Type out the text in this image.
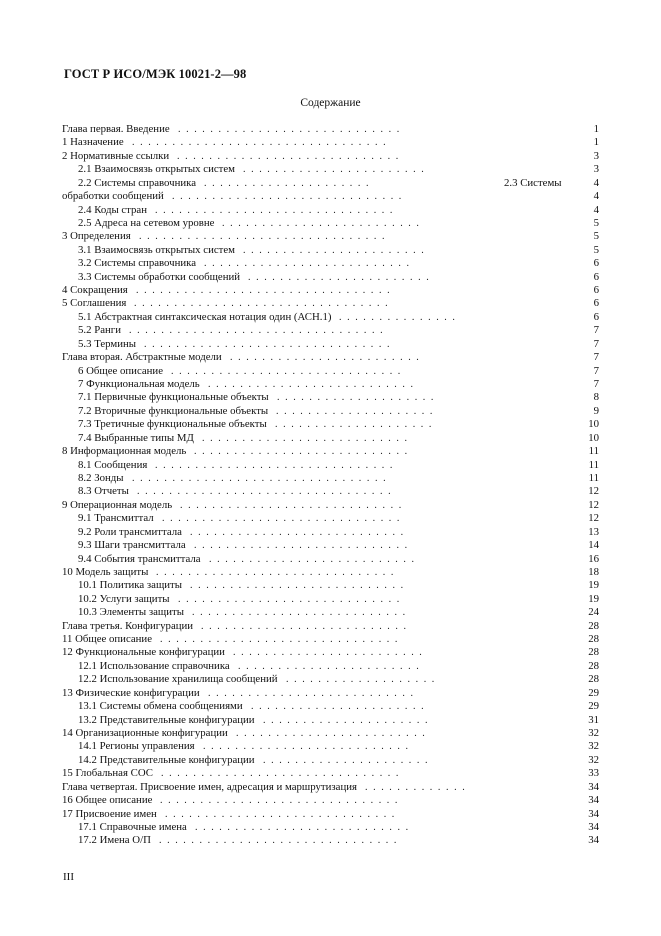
ГОСТ Р ИСО/МЭК 10021-2—98
Содержание
Глава первая. Введение ............................	1
1 Назначение ................................	1
2 Нормативные ссылки ............................	3
2.1 Взаимосвязь открытых систем .......................	3
2.2 Системы справочника .....................	2.3 Системы	4
обработки сообщений .............................	4
2.4 Коды стран ..............................	4
2.5 Адреса на сетевом уровне .........................	5
3 Определения ...............................	5
3.1 Взаимосвязь открытых систем .......................	5
3.2 Системы справочника ..........................	6
3.3 Системы обработки сообщений .......................	6
4 Сокращения ................................	6
5 Соглашения ................................	6
5.1 Абстрактная синтаксическая нотация один (АСН.1) ...............	6
5.2 Ранги ................................	7
5.3 Термины ...............................	7
Глава вторая. Абстрактные модели ........................	7
6 Общее описание .............................	7
7 Функциональная модель ..........................	7
7.1 Первичные функциональные объекты ....................	8
7.2 Вторичные функциональные объекты ....................	9
7.3 Третичные функциональные объекты ....................	10
7.4 Выбранные типы МД ..........................	10
8 Информационная модель ...........................	11
8.1 Сообщения ..............................	11
8.2 Зонды ................................	11
8.3 Отчеты ................................	12
9 Операционная модель ............................	12
9.1 Трансмиттал ..............................	12
9.2 Роли трансмиттала ...........................	13
9.3 Шаги трансмиттала ...........................	14
9.4 События трансмиттала ..........................	16
10 Модель защиты ..............................	18
10.1 Политика защиты ...........................	19
10.2 Услуги защиты ............................	19
10.3 Элементы защиты ...........................	24
Глава третья. Конфигурации ..........................	28
11 Общее описание ..............................	28
12 Функциональные конфигурации ........................	28
12.1 Использование справочника .......................	28
12.2 Использование хранилища сообщений ...................	28
13 Физические конфигурации ..........................	29
13.1 Системы обмена сообщениями ......................	29
13.2 Представительные конфигурации .....................	31
14 Организационные конфигурации ........................	32
14.1 Регионы управления ..........................	32
14.2 Представительные конфигурации .....................	32
15 Глобальная СОС ..............................	33
Глава четвертая. Присвоение имен, адресация и маршрутизация .............	34
16 Общее описание ..............................	34
17 Присвоение имен .............................	34
17.1 Справочные имена ...........................	34
17.2 Имена О/П ..............................	34
III
